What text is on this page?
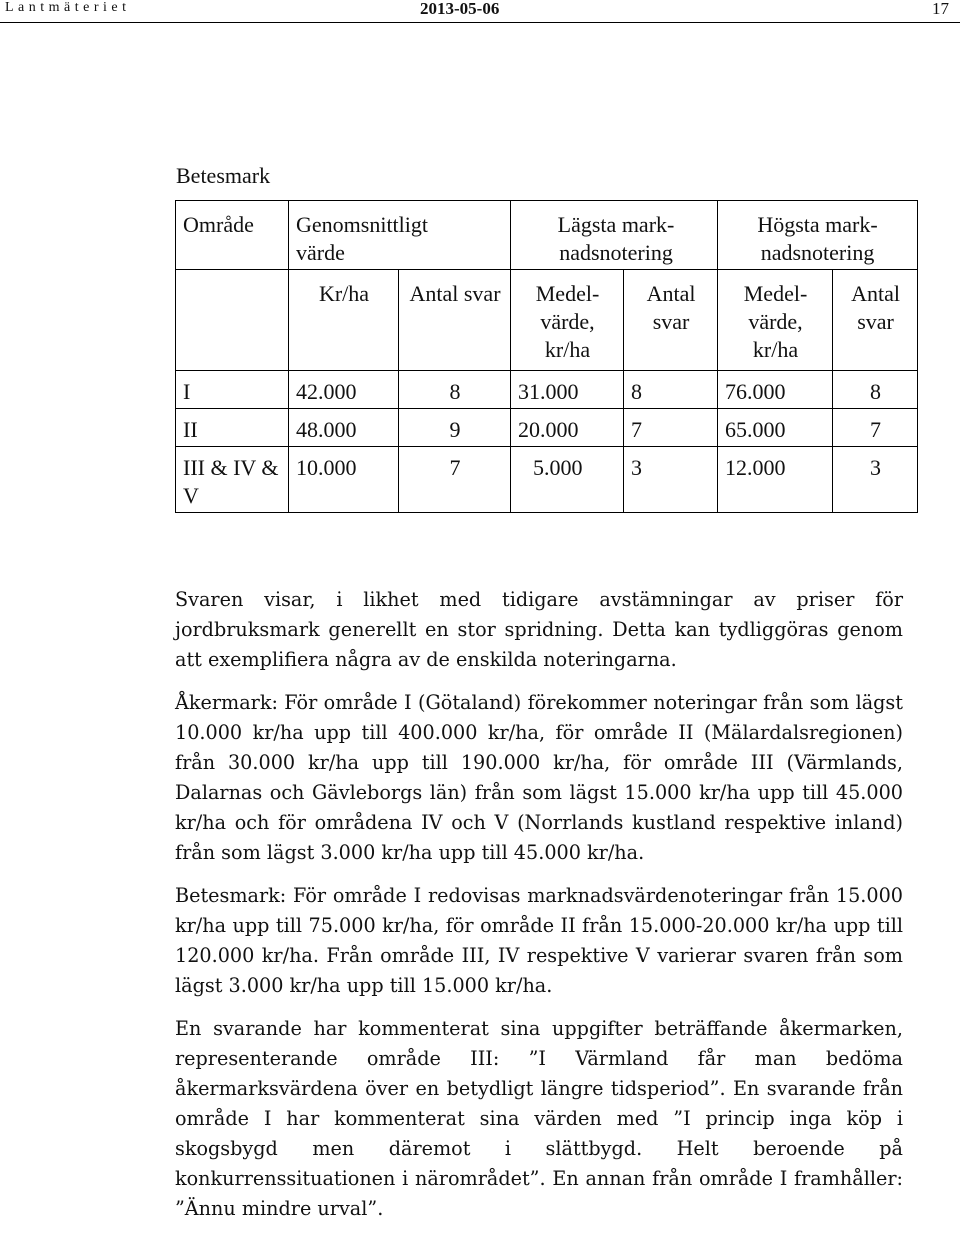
Lantmäteriet	2013-05-06	17
Betesmark
Område	Genomsnittligt värde		Lägsta mark-nadsnotering		Högsta mark-nadsnotering	
	Kr/ha	Antal svar	Medel-värde, kr/ha	Antal svar	Medel-värde, kr/ha	Antal svar
I	42.000	8	31.000	8	76.000	8
II	48.000	9	20.000	7	65.000	7
III & IV & V	10.000	7	5.000	3	12.000	3

Svaren visar, i likhet med tidigare avstämningar av priser för jordbruksmark generellt en stor spridning. Detta kan tydliggöras genom att exemplifiera några av de enskilda noteringarna.

Åkermark: För område I (Götaland) förekommer noteringar från som lägst 10.000 kr/ha upp till 400.000 kr/ha, för område II (Mälardalsregionen) från 30.000 kr/ha upp till 190.000 kr/ha, för område III (Värmlands, Dalarnas och Gävleborgs län) från som lägst 15.000 kr/ha upp till 45.000 kr/ha och för områdena IV och V (Norrlands kustland respektive inland) från som lägst 3.000 kr/ha upp till 45.000 kr/ha.

Betesmark: För område I redovisas marknadsvärdenoteringar från 15.000 kr/ha upp till 75.000 kr/ha, för område II från 15.000-20.000 kr/ha upp till 120.000 kr/ha. Från område III, IV respektive V varierar svaren från som lägst 3.000 kr/ha upp till 15.000 kr/ha.

En svarande har kommenterat sina uppgifter beträffande åkermarken, representerande område III: ”I Värmland får man bedöma åkermarksvärdena över en betydligt längre tidsperiod”. En svarande från område I har kommenterat sina värden med ”I princip inga köp i skogsbygd men däremot i slättbygd. Helt beroende på konkurrenssituationen i närområdet”. En annan från område I framhåller: ”Ännu mindre urval”.
